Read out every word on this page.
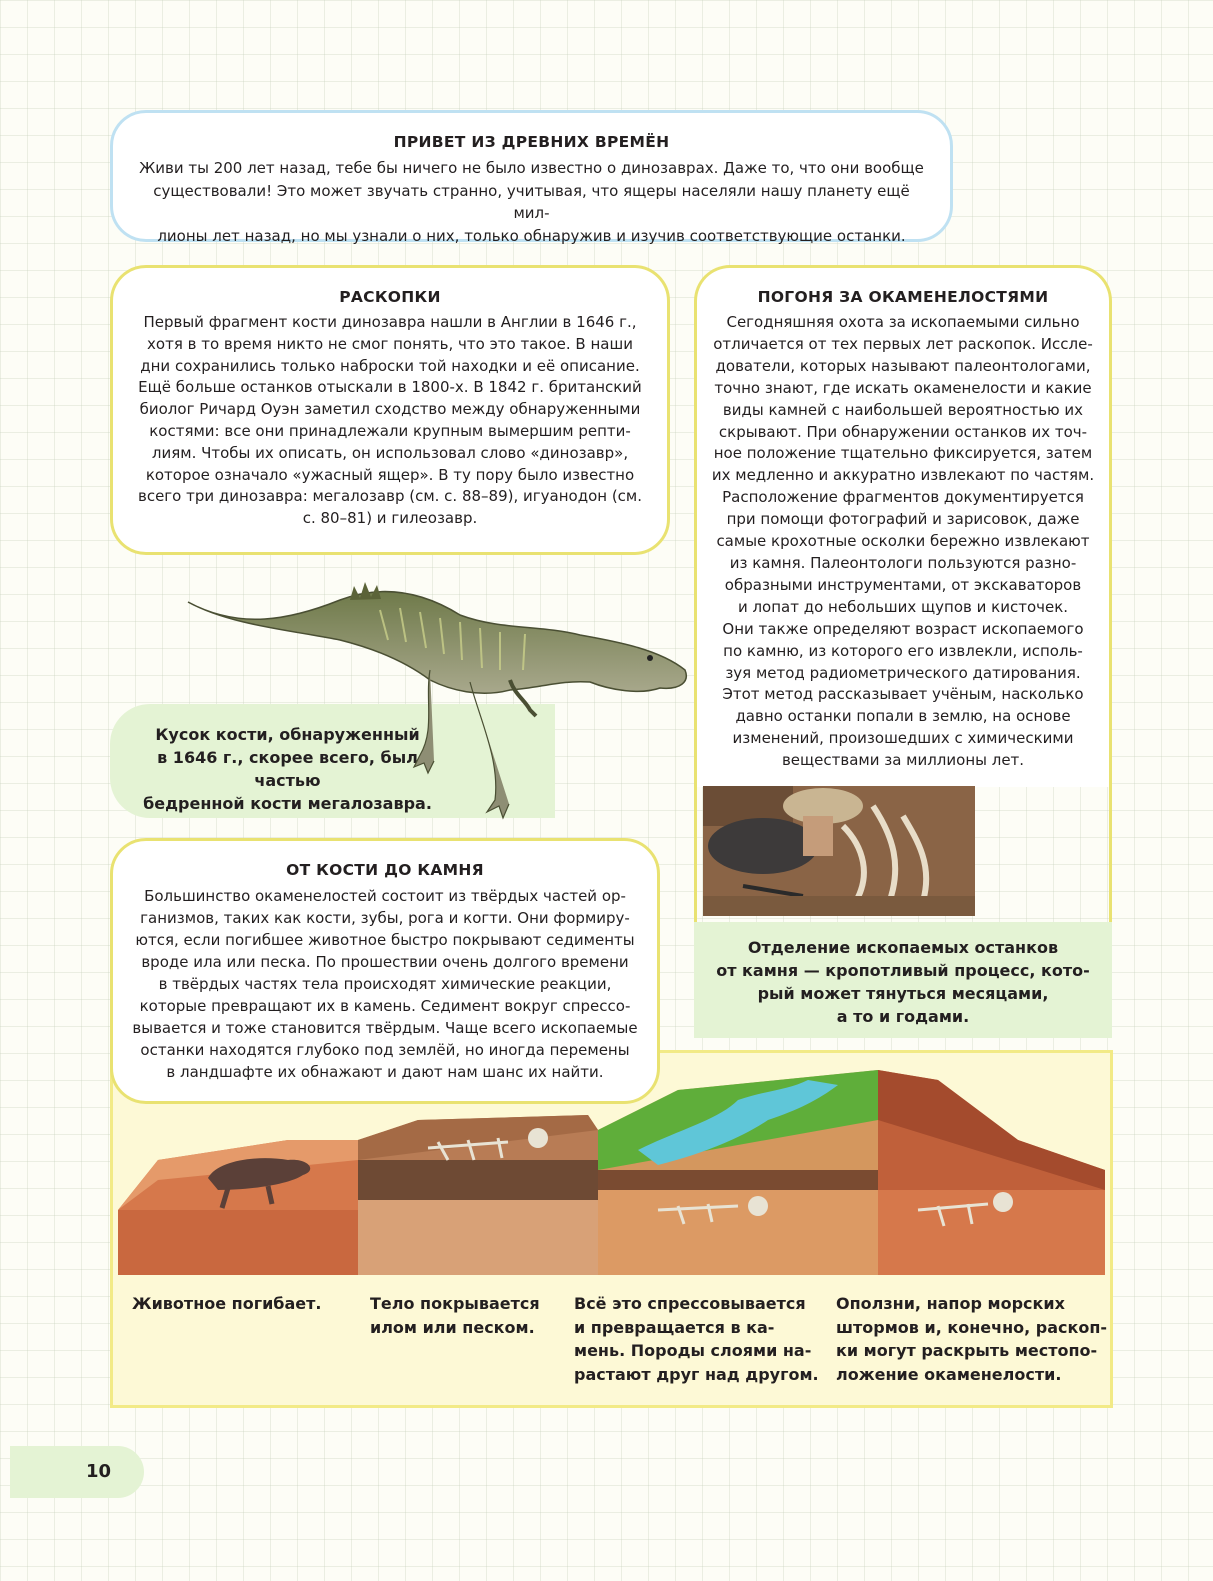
ПРИВЕТ ИЗ ДРЕВНИХ ВРЕМЁН

Живи ты 200 лет назад, тебе бы ничего не было известно о динозаврах. Даже то, что они вообще
существовали! Это может звучать странно, учитывая, что ящеры населяли нашу планету ещё мил-
лионы лет назад, но мы узнали о них, только обнаружив и изучив соответствующие останки.

РАСКОПКИ

Первый фрагмент кости динозавра нашли в Англии в 1646 г.,
хотя в то время никто не смог понять, что это такое. В наши
дни сохранились только наброски той находки и её описание.
Ещё больше останков отыскали в 1800-х. В 1842 г. британский
биолог Ричард Оуэн заметил сходство между обнаруженными
костями: все они принадлежали крупным вымершим репти-
лиям. Чтобы их описать, он использовал слово «динозавр»,
которое означало «ужасный ящер». В ту пору было известно
всего три динозавра: мегалозавр (см. с. 88–89), игуанодон (см.
с. 80–81) и гилеозавр.

Кусок кости, обнаруженный
в 1646 г., скорее всего, был частью
бедренной кости мегалозавра.

ПОГОНЯ ЗА ОКАМЕНЕЛОСТЯМИ

Сегодняшняя охота за ископаемыми сильно
отличается от тех первых лет раскопок. Иссле-
дователи, которых называют палеонтологами,
точно знают, где искать окаменелости и какие
виды камней с наибольшей вероятностью их
скрывают. При обнаружении останков их точ-
ное положение тщательно фиксируется, затем
их медленно и аккуратно извлекают по частям.
Расположение фрагментов документируется
при помощи фотографий и зарисовок, даже
самые крохотные осколки бережно извлекают
из камня. Палеонтологи пользуются разно-
образными инструментами, от экскаваторов
и лопат до небольших щупов и кисточек.
Они также определяют возраст ископаемого
по камню, из которого его извлекли, исполь-
зуя метод радиометрического датирования.
Этот метод рассказывает учёным, насколько
давно останки попали в землю, на основе
изменений, произошедших с химическими
веществами за миллионы лет.

Отделение ископаемых останков
от камня — кропотливый процесс, кото-
рый может тянуться месяцами,
а то и годами.
Животное погибает.	Тело покрывается
илом или песком.
Всё это спрессовывается
и превращается в ка-
мень. Породы слоями на-
растают друг над другом.
Оползни, напор морских
штормов и, конечно, раскоп-
ки могут раскрыть местопо-
ложение окаменелости.

ОТ КОСТИ ДО КАМНЯ

Большинство окаменелостей состоит из твёрдых частей ор-
ганизмов, таких как кости, зубы, рога и когти. Они формиру-
ются, если погибшее животное быстро покрывают седименты
вроде ила или песка. По прошествии очень долгого времени
в твёрдых частях тела происходят химические реакции,
которые превращают их в камень. Седимент вокруг спрессо-
вывается и тоже становится твёрдым. Чаще всего ископаемые
останки находятся глубоко под землёй, но иногда перемены
в ландшафте их обнажают и дают нам шанс их найти.

10
